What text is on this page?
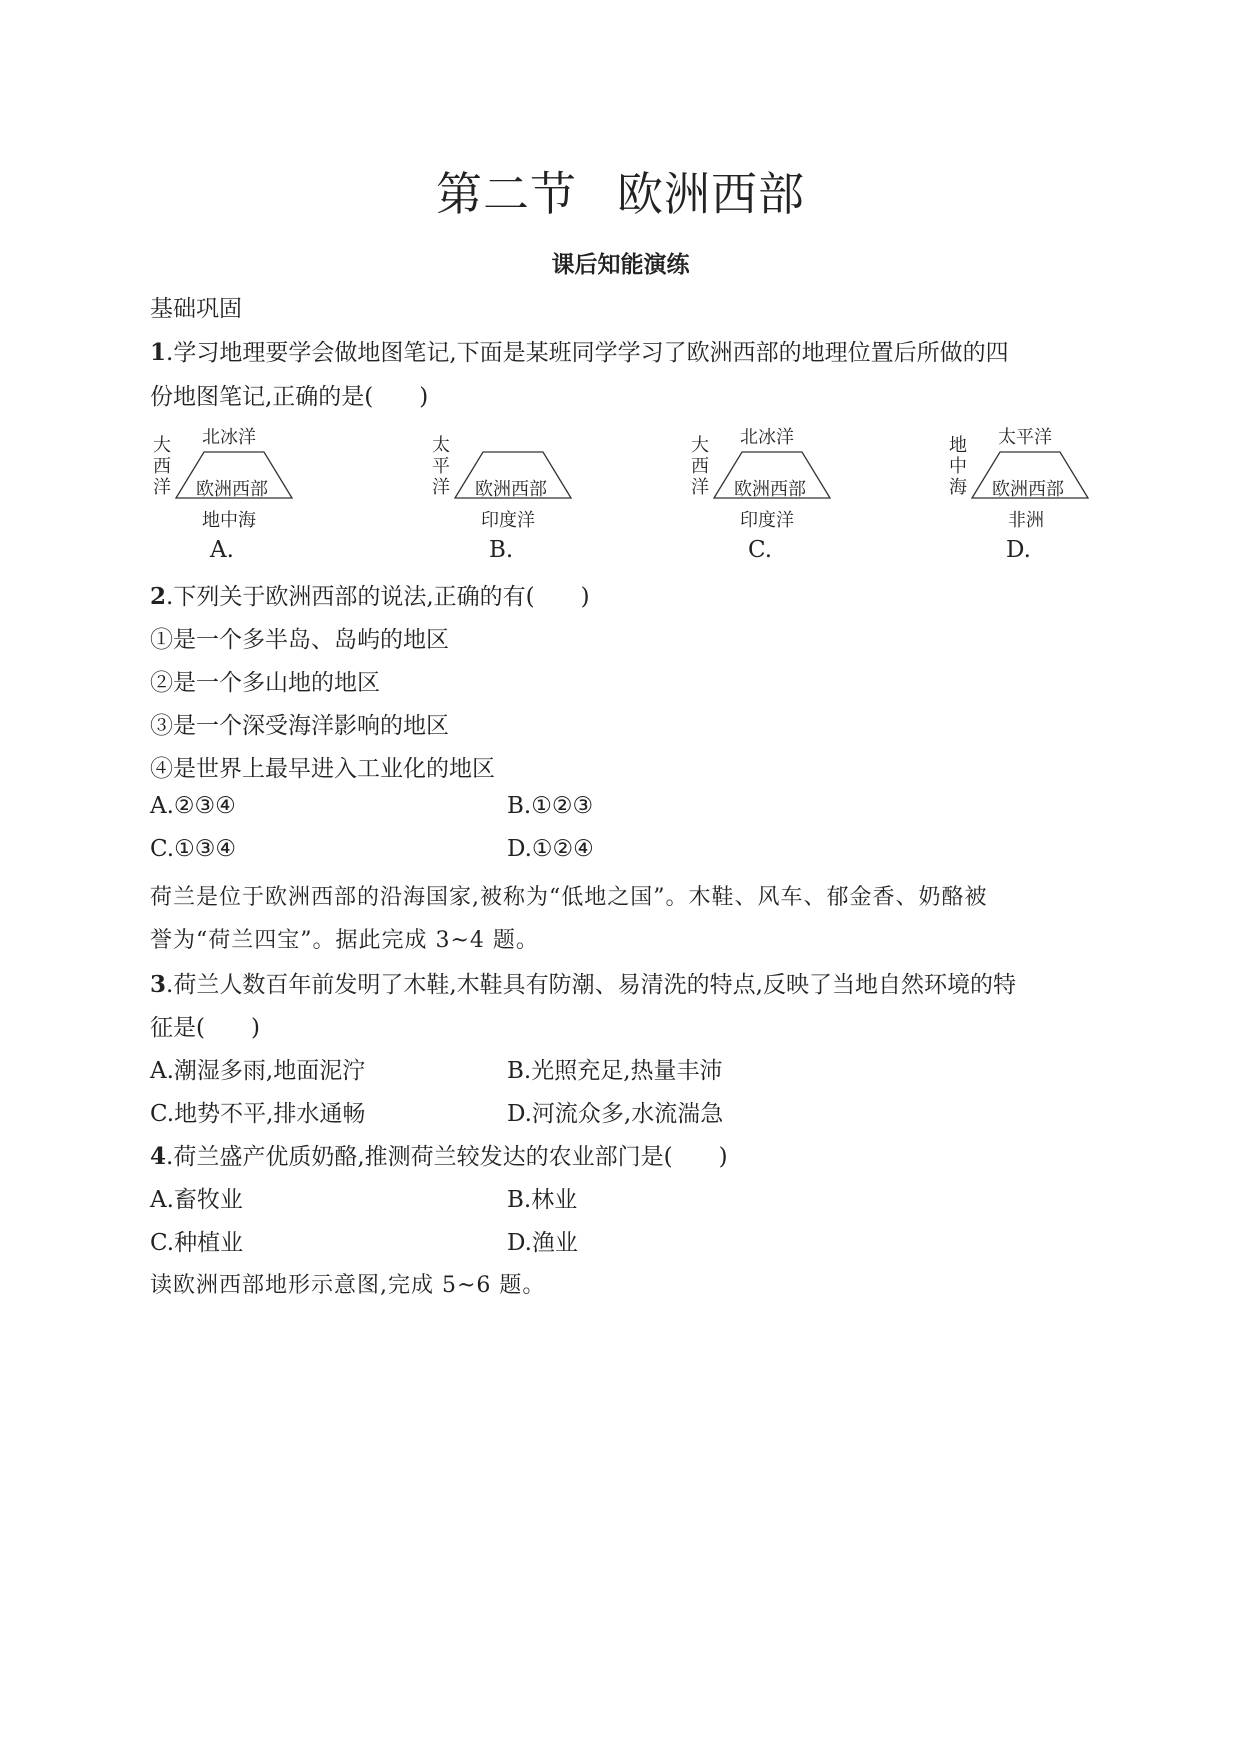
第二节 欧洲西部
课后知能演练
基础巩固
1.学习地理要学会做地图笔记,下面是某班同学学习了欧洲西部的地理位置后所做的四
份地图笔记,正确的是(　　)
北冰洋
大西洋 欧洲西部
地中海
A.
太平洋 欧洲西部
印度洋
B.
北冰洋
大西洋 欧洲西部
印度洋
C.
太平洋
地中海 欧洲西部
非洲
D.
2.下列关于欧洲西部的说法,正确的有(　　)
①是一个多半岛、岛屿的地区
②是一个多山地的地区
③是一个深受海洋影响的地区
④是世界上最早进入工业化的地区
A.②③④	B.①②③
C.①③④	D.①②④
荷兰是位于欧洲西部的沿海国家,被称为“低地之国”。木鞋、风车、郁金香、奶酪被
誉为“荷兰四宝”。据此完成 3~4 题。
3.荷兰人数百年前发明了木鞋,木鞋具有防潮、易清洗的特点,反映了当地自然环境的特
征是(　　)
A.潮湿多雨,地面泥泞	B.光照充足,热量丰沛
C.地势不平,排水通畅	D.河流众多,水流湍急
4.荷兰盛产优质奶酪,推测荷兰较发达的农业部门是(　　)
A.畜牧业	B.林业
C.种植业	D.渔业
读欧洲西部地形示意图,完成 5~6 题。
